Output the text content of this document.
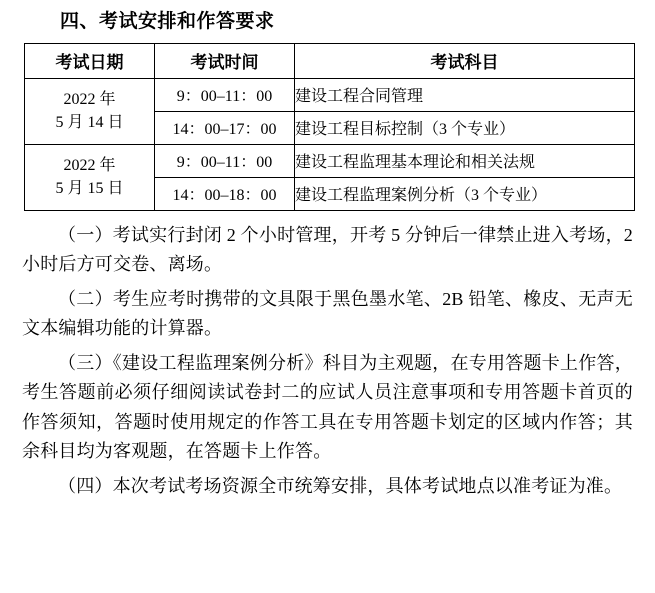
四、考试安排和作答要求
考试日期	考试时间	考试科目

2022 年
5 月 14 日	9：00–11：00	建设工程合同管理
	14：00–17：00	建设工程目标控制（3 个专业）

2022 年
5 月 15 日	9：00–11：00	建设工程监理基本理论和相关法规
	14：00–18：00	建设工程监理案例分析（3 个专业）

（一）考试实行封闭 2 个小时管理，开考 5 分钟后一律禁止进入考场，2 小时后方可交卷、离场。

（二）考生应考时携带的文具限于黑色墨水笔、2B 铅笔、橡皮、无声无文本编辑功能的计算器。

（三）《建设工程监理案例分析》科目为主观题，在专用答题卡上作答，考生答题前必须仔细阅读试卷封二的应试人员注意事项和专用答题卡首页的作答须知，答题时使用规定的作答工具在专用答题卡划定的区域内作答；其余科目均为客观题，在答题卡上作答。

（四）本次考试考场资源全市统筹安排，具体考试地点以准考证为准。
